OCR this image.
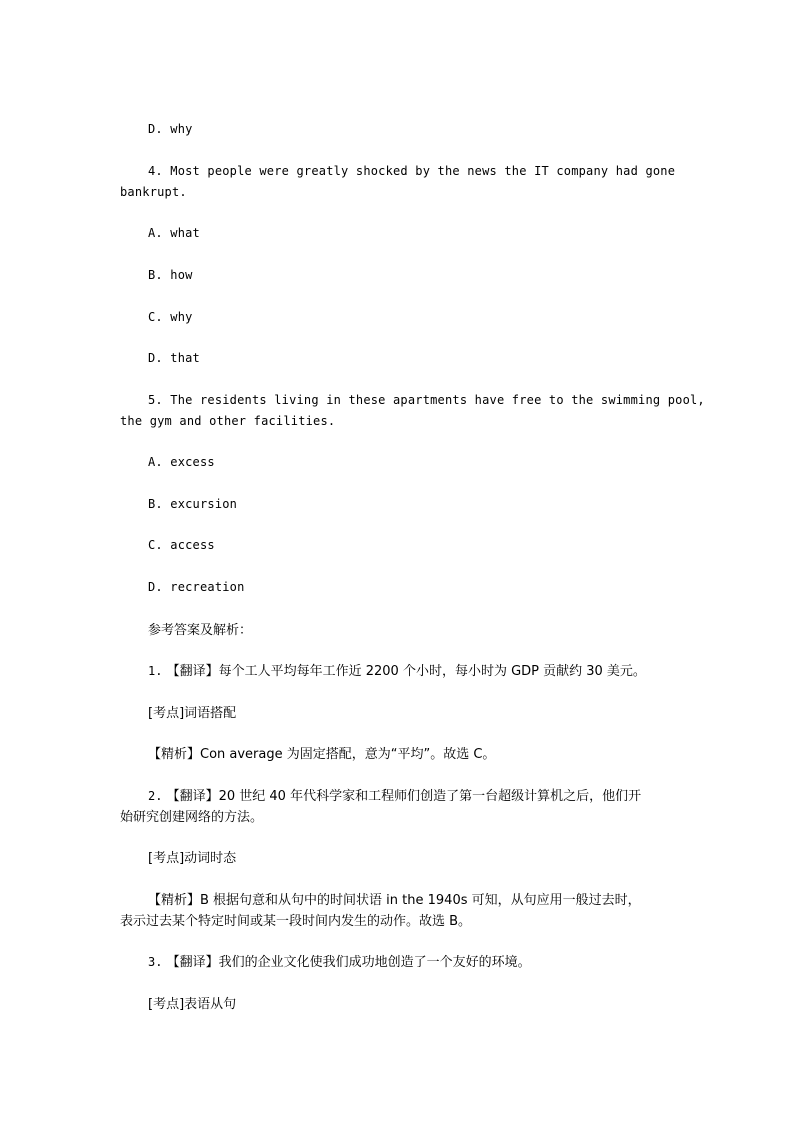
D. why
4. Most people were greatly shocked by the news the IT company had gone
bankrupt.
A. what
B. how
C. why
D. that
5. The residents living in these apartments have free to the swimming pool,
the gym and other facilities.
A. excess
B. excursion
C. access
D. recreation
参考答案及解析：
1. 【翻译】每个工人平均每年工作近 2200 个小时，每小时为 GDP 贡献约 30 美元。
[考点]词语搭配
【精析】Con average 为固定搭配，意为“平均”。故选 C。
2. 【翻译】20 世纪 40 年代科学家和工程师们创造了第一台超级计算机之后，他们开
始研究创建网络的方法。
[考点]动词时态
【精析】B 根据句意和从句中的时间状语 in the 1940s 可知，从句应用一般过去时，
表示过去某个特定时间或某一段时间内发生的动作。故选 B。
3. 【翻译】我们的企业文化使我们成功地创造了一个友好的环境。
[考点]表语从句
